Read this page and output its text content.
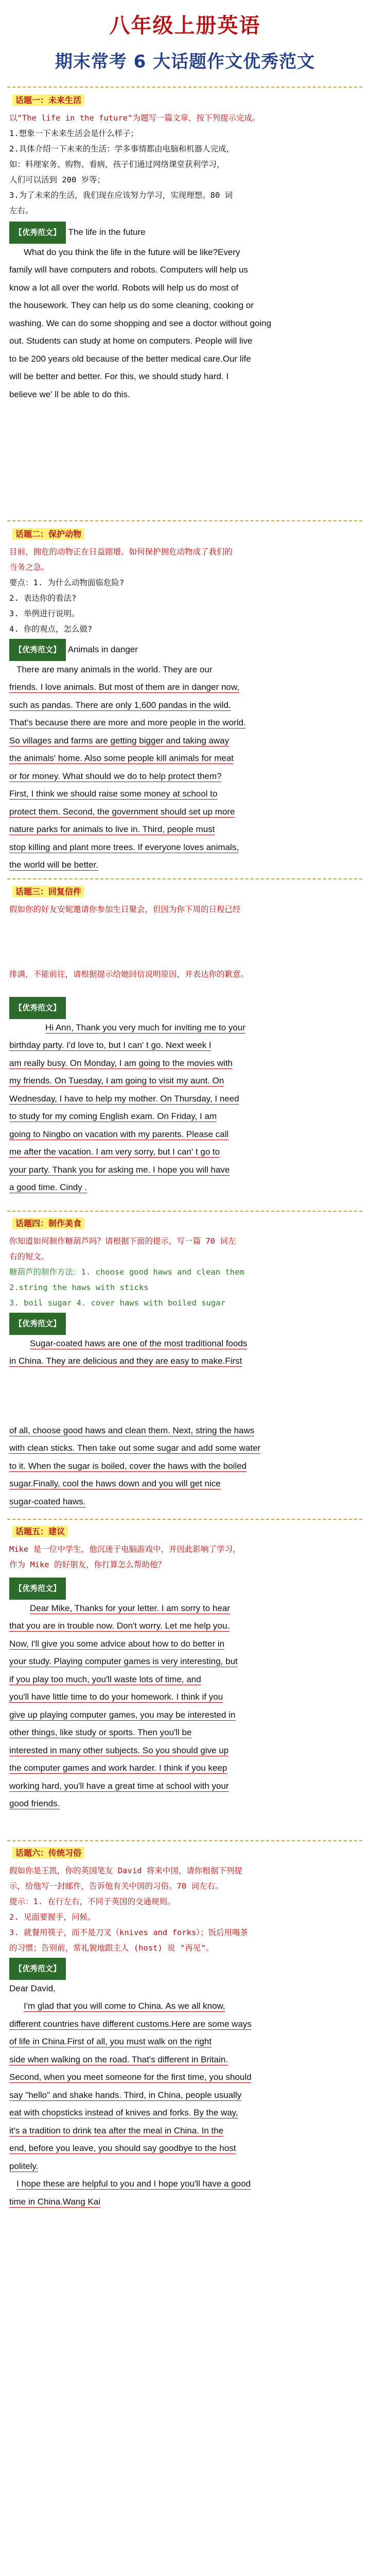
八年级上册英语
期末常考 6 大话题作文优秀范文
话题一：未来生活
以"The life in the future"为题写一篇文章，按下列提示完成。
1.想象一下未来生活会是什么样子；
2.具体介绍一下未来的生活：学多事情都由电脑和机器人完成，
如：料理家务、购物、看病，孩子们通过网络课堂获利学习，
人们可以活到 200 岁等；
3.为了未来的生活，我们现在应该努力学习，实现理想。80 词
左右。
【优秀范文】 The life in the future
What do you think the life in the future will be like?Every
family will have computers and robots. Computers will help us
know a lot all over the world. Robots will help us do most of
the housework. They can help us do some cleaning, cooking or
washing. We can do some shopping and see a doctor without going
out. Students can study at home on computers. People will live
to be 200 years old because of the better medical care.Our life
will be better and better. For this, we should study hard. I
believe we' ll be able to do this.
话题二：保护动物
目前，拥危的动物正在日益剧增。如何保护拥危动物成了我们的
当务之急。
要点：1. 为什么动物面临危险?
2. 表达你的看法?
3. 举例进行说明。
4. 你的观点，怎么做?
【优秀范文】 Animals in danger
There are many animals in the world. They are our
friends. I love animals. But most of them are in danger now,
such as pandas. There are only 1,600 pandas in the wild.
That's because there are more and more people in the world.
So villages and farms are getting bigger and taking away
the animals' home. Also some people kill animals for meat
or for money. What should we do to help protect them?
First, I think we should raise some money at school to
protect them. Second, the government should set up more
nature parks for animals to live in. Third, people must
stop killing and plant more trees. If everyone loves animals,
the world will be better.
话题三：回复信件
假如你的好友安妮邀请你参加生日聚会，但因为你下周的日程已经
排满，不能前往，请根据提示给她回信说明原因，并表达你的歉意。
【优秀范文】
Hi Ann, Thank you very much for inviting me to your
birthday party. I'd love to, but I can' t go. Next week I
am really busy. On Monday, I am going to the movies with
my friends. On Tuesday, I am going to visit my aunt. On
Wednesday, I have to help my mother. On Thursday, I need
to study for my coming English exam. On Friday, I am
going to Ningbo on vacation with my parents. Please call
me after the vacation. I am very sorry, but I can' t go to
your party. Thank you for asking me. I hope you will have
a good time. Cindy .
话题四：制作美食
你知道如何制作糖葫芦吗？请根据下面的提示，写一篇 70 词左
右的短文。
糖葫芦的制作方法：1. choose good haws and clean them
2.string the haws with sticks
3. boil sugar 4. cover haws with boiled sugar
【优秀范文】
Sugar-coated haws are one of the most traditional foods
in China. They are delicious and they are easy to make.First
of all, choose good haws and clean them. Next, string the haws
with clean sticks. Then take out some sugar and add some water
to it. When the sugar is boiled, cover the haws with the boiled
sugar.Finally, cool the haws down and you will get nice
sugar-coated haws.
话题五：建议
Mike 是一位中学生，他沉迷于电脑游戏中，并因此影响了学习，
作为 Mike 的好朋友，你打算怎么帮助他？
【优秀范文】
Dear Mike, Thanks for your letter. I am sorry to hear
that you are in trouble now. Don't worry. Let me help you.
Now, I'll give you some advice about how to do better in
your study. Playing computer games is very interesting, but
if you play too much, you'll waste lots of time, and
you'll have little time to do your homework. I think if you
give up playing computer games, you may be interested in
other things, like study or sports. Then you'll be
interested in many other subjects. So you should give up
the computer games and work harder. I think if you keep
working hard, you'll have a great time at school with your
good friends.
话题六：传统习俗
假如你是王凯，你的英国笔友 David 将来中国，请你根据下列提
示，给他写一封邮件，告诉他有关中国的习俗。70 词左右。
提示：1. 在行左右，不同于英国的交通规则。
2. 见面要握手，问候。
3. 就餐用筷子，而不是刀叉（knives and forks）；饭后用喝茶
的习惯；告别前，常礼貌地跟主人 (host) 说 "再见"。
【优秀范文】
Dear David,
I'm glad that you will come to China. As we all know,
different countries have different customs.Here are some ways
of life in China.First of all, you must walk on the right
side when walking on the road. That's different in Britain.
Second, when you meet someone for the first time, you should
say "hello" and shake hands. Third, in China, people usually
eat with chopsticks instead of knives and forks. By the way,
it's a tradition to drink tea after the meal in China. In the
end, before you leave, you should say goodbye to the host
politely.
I hope these are helpful to you and I hope you'll have a good
time in China.Wang Kai
